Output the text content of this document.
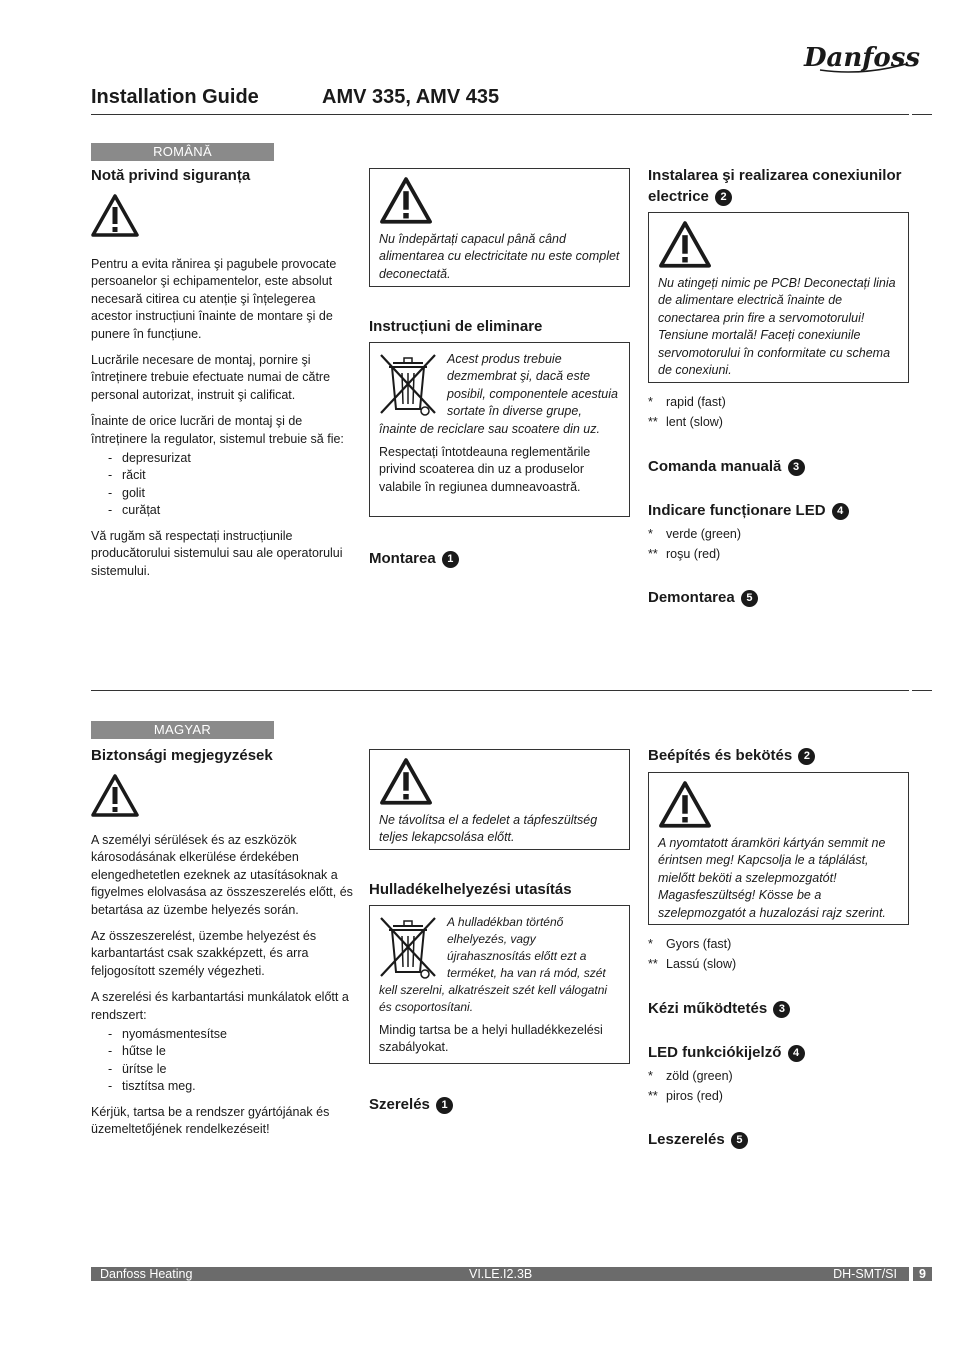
Danfoss
Installation Guide	AMV 335, AMV 435
ROMÂNĂ
Notă privind siguranța

Pentru a evita rănirea şi pagubele provocate persoanelor şi echipamentelor, este absolut necesară citirea cu atenție şi înțelegerea acestor instrucțiuni înainte de montare şi de punere în funcțiune.

Lucrările necesare de montaj, pornire şi întreținere trebuie efectuate numai de către personal autorizat, instruit şi calificat.

Înainte de orice lucrări de montaj şi de întreținere la regulator, sistemul trebuie să fie:

- depresurizat
- răcit
- golit
- curățat

Vă rugăm să respectați instrucțiunile producătorului sistemului sau ale operatorului sistemului.

Nu îndepărtați capacul până când alimentarea cu electricitate nu este complet deconectată.
Instrucțiuni de eliminare
Acest produs trebuie dezmembrat şi, dacă este posibil, componentele acestuia sortate în diverse grupe, înainte de reciclare sau scoatere din uz.

Respectați întotdeauna reglementările privind scoaterea din uz a produselor valabile în regiunea dumneavoastră.

Montarea 1
Instalarea şi realizarea conexiunilor electrice 2
Nu atingeți nimic pe PCB! Deconectați linia de alimentare electrică înainte de conectarea prin fire a servomotorului! Tensiune mortală! Faceți conexiunile servomotorului în conformitate cu schema de conexiuni.
* rapid (fast)
** lent (slow)
Comanda manuală 3
Indicare funcționare LED 4
* verde (green)
** roşu (red)
Demontarea 5
MAGYAR
Biztonsági megjegyzések

A személyi sérülések és az eszközök károsodásának elkerülése érdekében elengedhetetlen ezeknek az utasításoknak a figyelmes elolvasása az összeszerelés előtt, és betartása az üzembe helyezés során.

Az összeszerelést, üzembe helyezést és karbantartást csak szakképzett, és arra feljogosított személy végezheti.

A szerelési és karbantartási munkálatok előtt a rendszert:

- nyomásmentesítse
- hűtse le
- ürítse le
- tisztítsa meg.

Kérjük, tartsa be a rendszer gyártójának és üzemeltetőjének rendelkezéseit!

Ne távolítsa el a fedelet a tápfeszültség teljes lekapcsolása előtt.
Hulladékelhelyezési utasítás
A hulladékban történő elhelyezés, vagy újrahasznosítás előtt ezt a terméket, ha van rá mód, szét kell szerelni, alkatrészeit szét kell válogatni és csoportosítani.

Mindig tartsa be a helyi hulladékkezelési szabályokat.

Szerelés 1
Beépítés és bekötés 2
A nyomtatott áramköri kártyán semmit ne érintsen meg! Kapcsolja le a táplálást, mielőtt beköti a szelepmozgatót! Magasfeszültség! Kösse be a szelepmozgatót a huzalozási rajz szerint.
* Gyors (fast)
** Lassú (slow)
Kézi működtetés 3
LED funkciókijelző 4
* zöld (green)
** piros (red)
Leszerelés 5
Danfoss Heating	VI.LE.I2.3B	DH-SMT/SI	9
